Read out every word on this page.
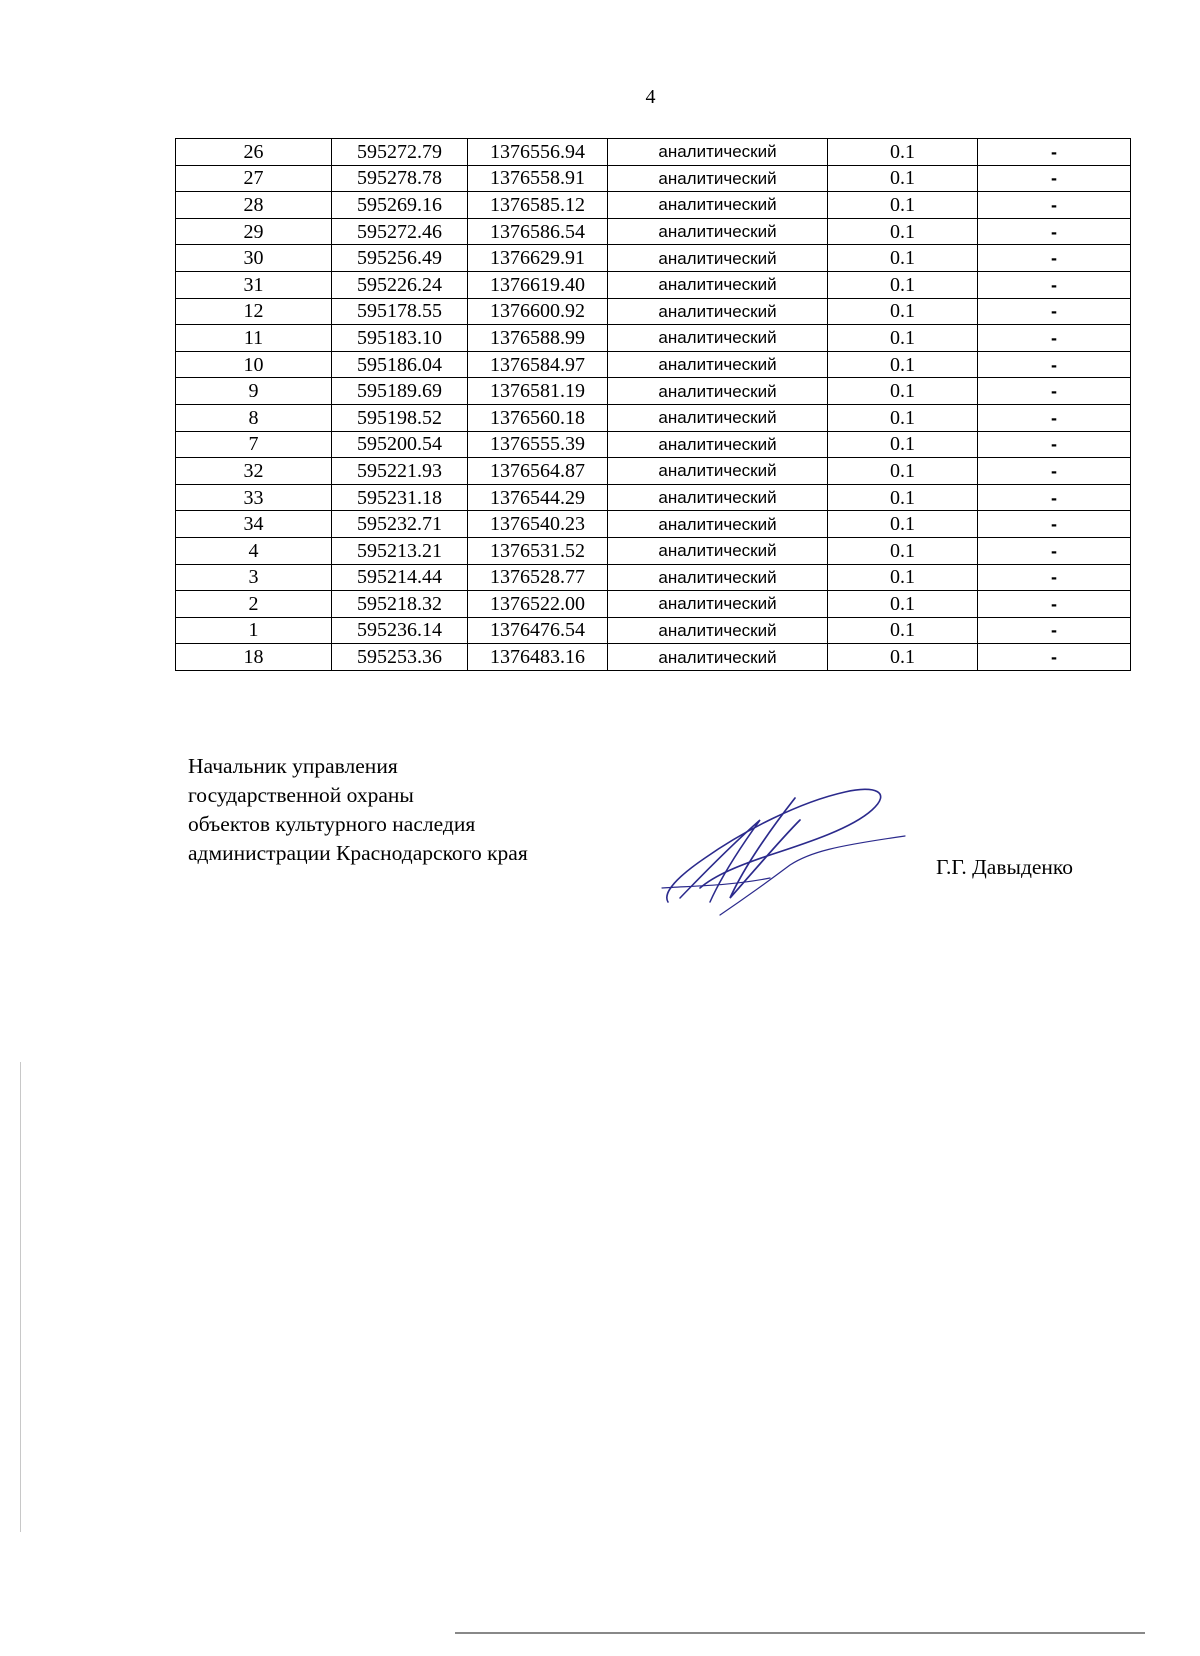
4
26	595272.79	1376556.94	аналитический	0.1	-
27	595278.78	1376558.91	аналитический	0.1	-
28	595269.16	1376585.12	аналитический	0.1	-
29	595272.46	1376586.54	аналитический	0.1	-
30	595256.49	1376629.91	аналитический	0.1	-
31	595226.24	1376619.40	аналитический	0.1	-
12	595178.55	1376600.92	аналитический	0.1	-
11	595183.10	1376588.99	аналитический	0.1	-
10	595186.04	1376584.97	аналитический	0.1	-
9	595189.69	1376581.19	аналитический	0.1	-
8	595198.52	1376560.18	аналитический	0.1	-
7	595200.54	1376555.39	аналитический	0.1	-
32	595221.93	1376564.87	аналитический	0.1	-
33	595231.18	1376544.29	аналитический	0.1	-
34	595232.71	1376540.23	аналитический	0.1	-
4	595213.21	1376531.52	аналитический	0.1	-
3	595214.44	1376528.77	аналитический	0.1	-
2	595218.32	1376522.00	аналитический	0.1	-
1	595236.14	1376476.54	аналитический	0.1	-
18	595253.36	1376483.16	аналитический	0.1	-
Начальник управления
государственной охраны
объектов культурного наследия
администрации Краснодарского края
Г.Г. Давыденко
